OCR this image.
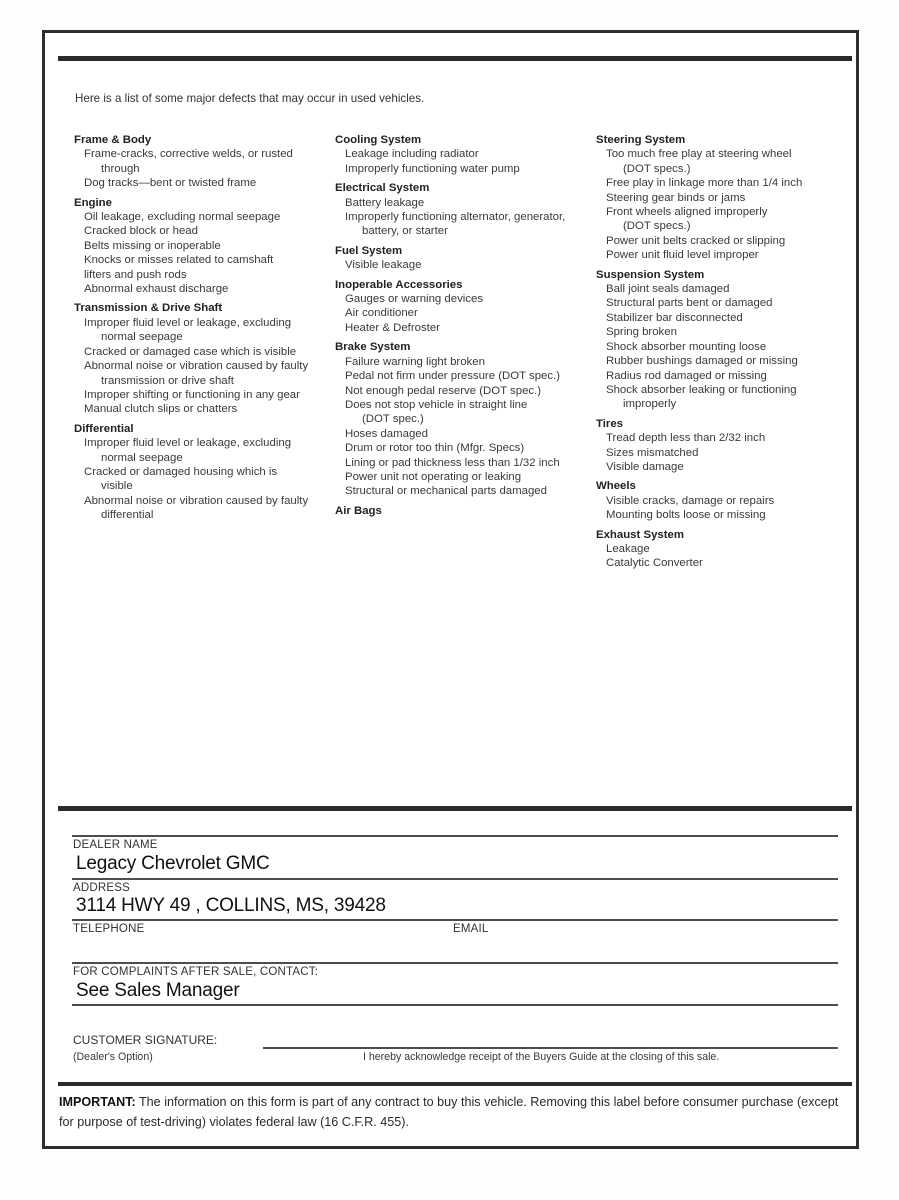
Here is a list of some major defects that may occur in used vehicles.
Frame & Body
Frame-cracks, corrective welds, or rusted
through
Dog tracks—bent or twisted frame
Engine
Oil leakage, excluding normal seepage
Cracked block or head
Belts missing or inoperable
Knocks or misses related to camshaft
lifters and push rods
Abnormal exhaust discharge
Transmission & Drive Shaft
Improper fluid level or leakage, excluding
normal seepage
Cracked or damaged case which is visible
Abnormal noise or vibration caused by faulty
transmission or drive shaft
Improper shifting or functioning in any gear
Manual clutch slips or chatters
Differential
Improper fluid level or leakage, excluding
normal seepage
Cracked or damaged housing which is
visible
Abnormal noise or vibration caused by faulty
differential
Cooling System
Leakage including radiator
Improperly functioning water pump
Electrical System
Battery leakage
Improperly functioning alternator, generator,
battery, or starter
Fuel System
Visible leakage
Inoperable Accessories
Gauges or warning devices
Air conditioner
Heater & Defroster
Brake System
Failure warning light broken
Pedal not firm under pressure (DOT spec.)
Not enough pedal reserve (DOT spec.)
Does not stop vehicle in straight line
(DOT spec.)
Hoses damaged
Drum or rotor too thin (Mfgr. Specs)
Lining or pad thickness less than 1/32 inch
Power unit not operating or leaking
Structural or mechanical parts damaged
Air Bags
Steering System
Too much free play at steering wheel
(DOT specs.)
Free play in linkage more than 1/4 inch
Steering gear binds or jams
Front wheels aligned improperly
(DOT specs.)
Power unit belts cracked or slipping
Power unit fluid level improper
Suspension System
Ball joint seals damaged
Structural parts bent or damaged
Stabilizer bar disconnected
Spring broken
Shock absorber mounting loose
Rubber bushings damaged or missing
Radius rod damaged or missing
Shock absorber leaking or functioning
improperly
Tires
Tread depth less than 2/32 inch
Sizes mismatched
Visible damage
Wheels
Visible cracks, damage or repairs
Mounting bolts loose or missing
Exhaust System
Leakage
Catalytic Converter
DEALER NAME
Legacy Chevrolet GMC
ADDRESS
3114 HWY 49 , COLLINS, MS, 39428
TELEPHONE	EMAIL
FOR COMPLAINTS AFTER SALE, CONTACT:
See Sales Manager
CUSTOMER SIGNATURE:
(Dealer's Option)	I hereby acknowledge receipt of the Buyers Guide at the closing of this sale.
IMPORTANT: The information on this form is part of any contract to buy this vehicle. Removing this label before consumer purchase (except for purpose of test-driving) violates federal law (16 C.F.R. 455).
